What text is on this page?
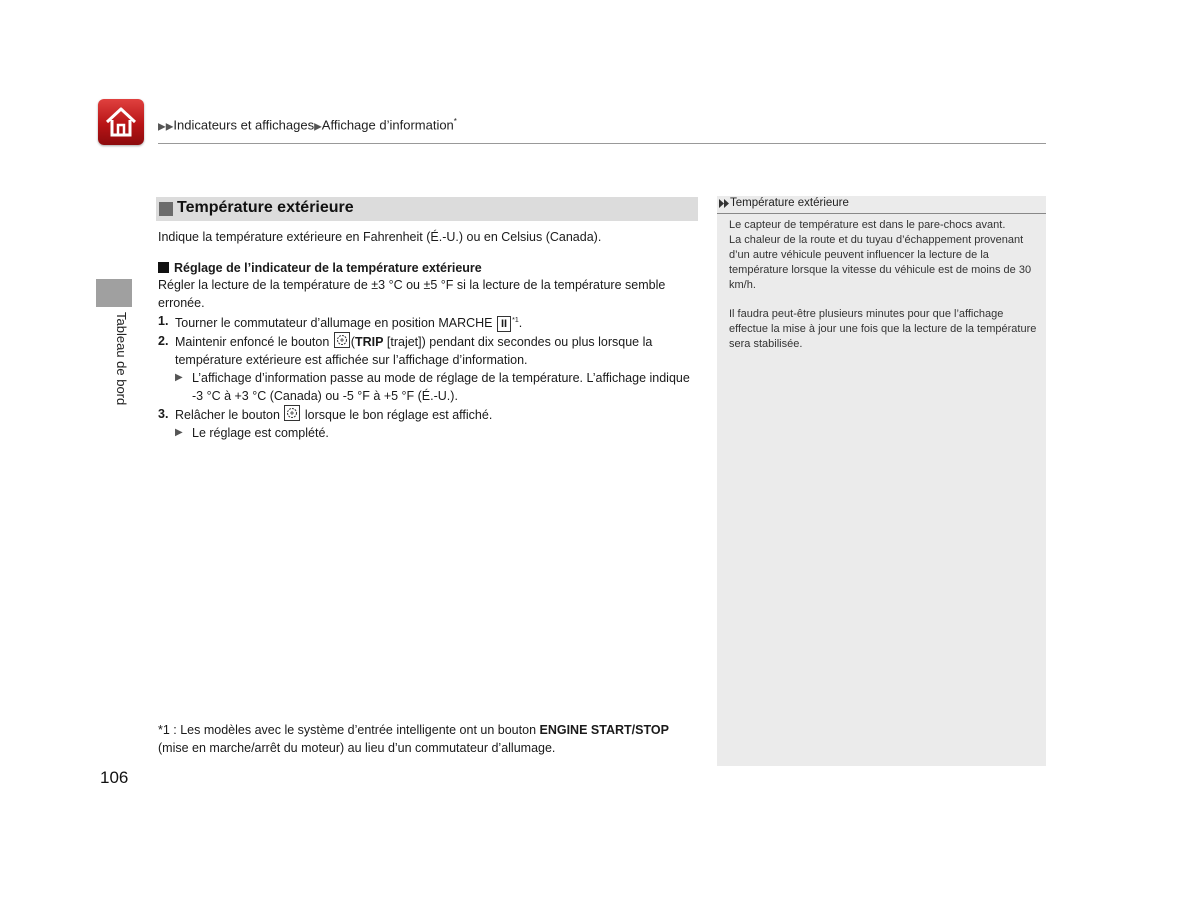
▶▶Indicateurs et affichages▶Affichage d’information*
Tableau de bord
Température extérieure
Indique la température extérieure en Fahrenheit (É.-U.) ou en Celsius (Canada).
Réglage de l’indicateur de la température extérieure
Régler la lecture de la température de ±3 °C ou ±5 °F si la lecture de la température semble erronée.
1. Tourner le commutateur d’allumage en position MARCHE II $^{*1}$.
2. Maintenir enfoncé le bouton (TRIP [trajet]) pendant dix secondes ou plus lorsque la température extérieure est affichée sur l’affichage d’information.
▶ L’affichage d’information passe au mode de réglage de la température. L’affichage indique -3 °C à +3 °C (Canada) ou -5 °F à +5 °F (É.-U.).
3. Relâcher le bouton lorsque le bon réglage est affiché.
▶ Le réglage est complété.
*1 : Les modèles avec le système d’entrée intelligente ont un bouton ENGINE START/STOP
(mise en marche/arrêt du moteur) au lieu d’un commutateur d’allumage.
106
Température extérieure
Le capteur de température est dans le pare-chocs avant.
La chaleur de la route et du tuyau d’échappement provenant d’un autre véhicule peuvent influencer la lecture de la température lorsque la vitesse du véhicule est de moins de 30 km/h.
Il faudra peut-être plusieurs minutes pour que l’affichage effectue la mise à jour une fois que la lecture de la température sera stabilisée.
